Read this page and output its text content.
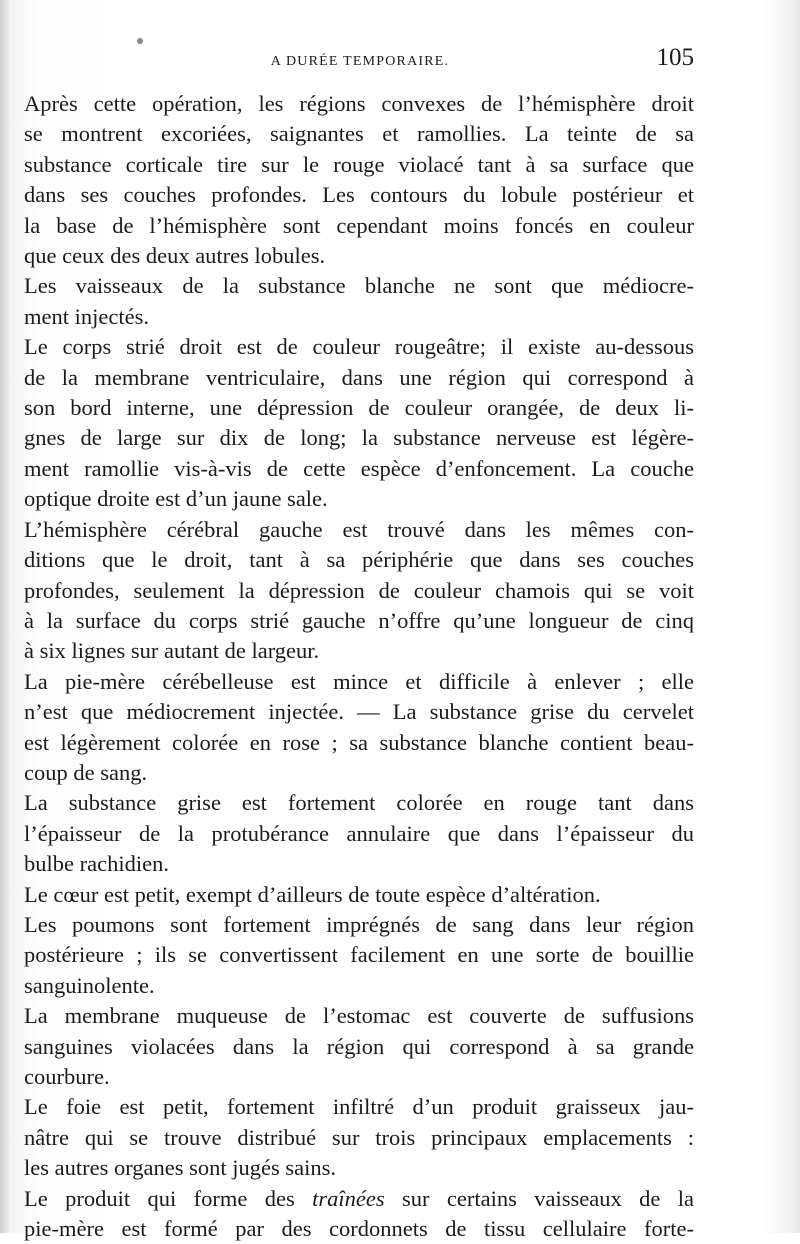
A DURÉE TEMPORAIRE.	105
Après cette opération, les régions convexes de l’hémisphère droit
se montrent excoriées, saignantes et ramollies. La teinte de sa
substance corticale tire sur le rouge violacé tant à sa surface que
dans ses couches profondes. Les contours du lobule postérieur et
la base de l’hémisphère sont cependant moins foncés en couleur
que ceux des deux autres lobules.
Les vaisseaux de la substance blanche ne sont que médiocre-
ment injectés.
Le corps strié droit est de couleur rougeâtre; il existe au-dessous
de la membrane ventriculaire, dans une région qui correspond à
son bord interne, une dépression de couleur orangée, de deux li-
gnes de large sur dix de long; la substance nerveuse est légère-
ment ramollie vis-à-vis de cette espèce d’enfoncement. La couche
optique droite est d’un jaune sale.
L’hémisphère cérébral gauche est trouvé dans les mêmes con-
ditions que le droit, tant à sa périphérie que dans ses couches
profondes, seulement la dépression de couleur chamois qui se voit
à la surface du corps strié gauche n’offre qu’une longueur de cinq
à six lignes sur autant de largeur.
La pie-mère cérébelleuse est mince et difficile à enlever ; elle
n’est que médiocrement injectée. — La substance grise du cervelet
est légèrement colorée en rose ; sa substance blanche contient beau-
coup de sang.
La substance grise est fortement colorée en rouge tant dans
l’épaisseur de la protubérance annulaire que dans l’épaisseur du
bulbe rachidien.
Le cœur est petit, exempt d’ailleurs de toute espèce d’altération.
Les poumons sont fortement imprégnés de sang dans leur région
postérieure ; ils se convertissent facilement en une sorte de bouillie
sanguinolente.
La membrane muqueuse de l’estomac est couverte de suffusions
sanguines violacées dans la région qui correspond à sa grande
courbure.
Le foie est petit, fortement infiltré d’un produit graisseux jau-
nâtre qui se trouve distribué sur trois principaux emplacements :
les autres organes sont jugés sains.
Le produit qui forme des traînées sur certains vaisseaux de la
pie-mère est formé par des cordonnets de tissu cellulaire forte-
